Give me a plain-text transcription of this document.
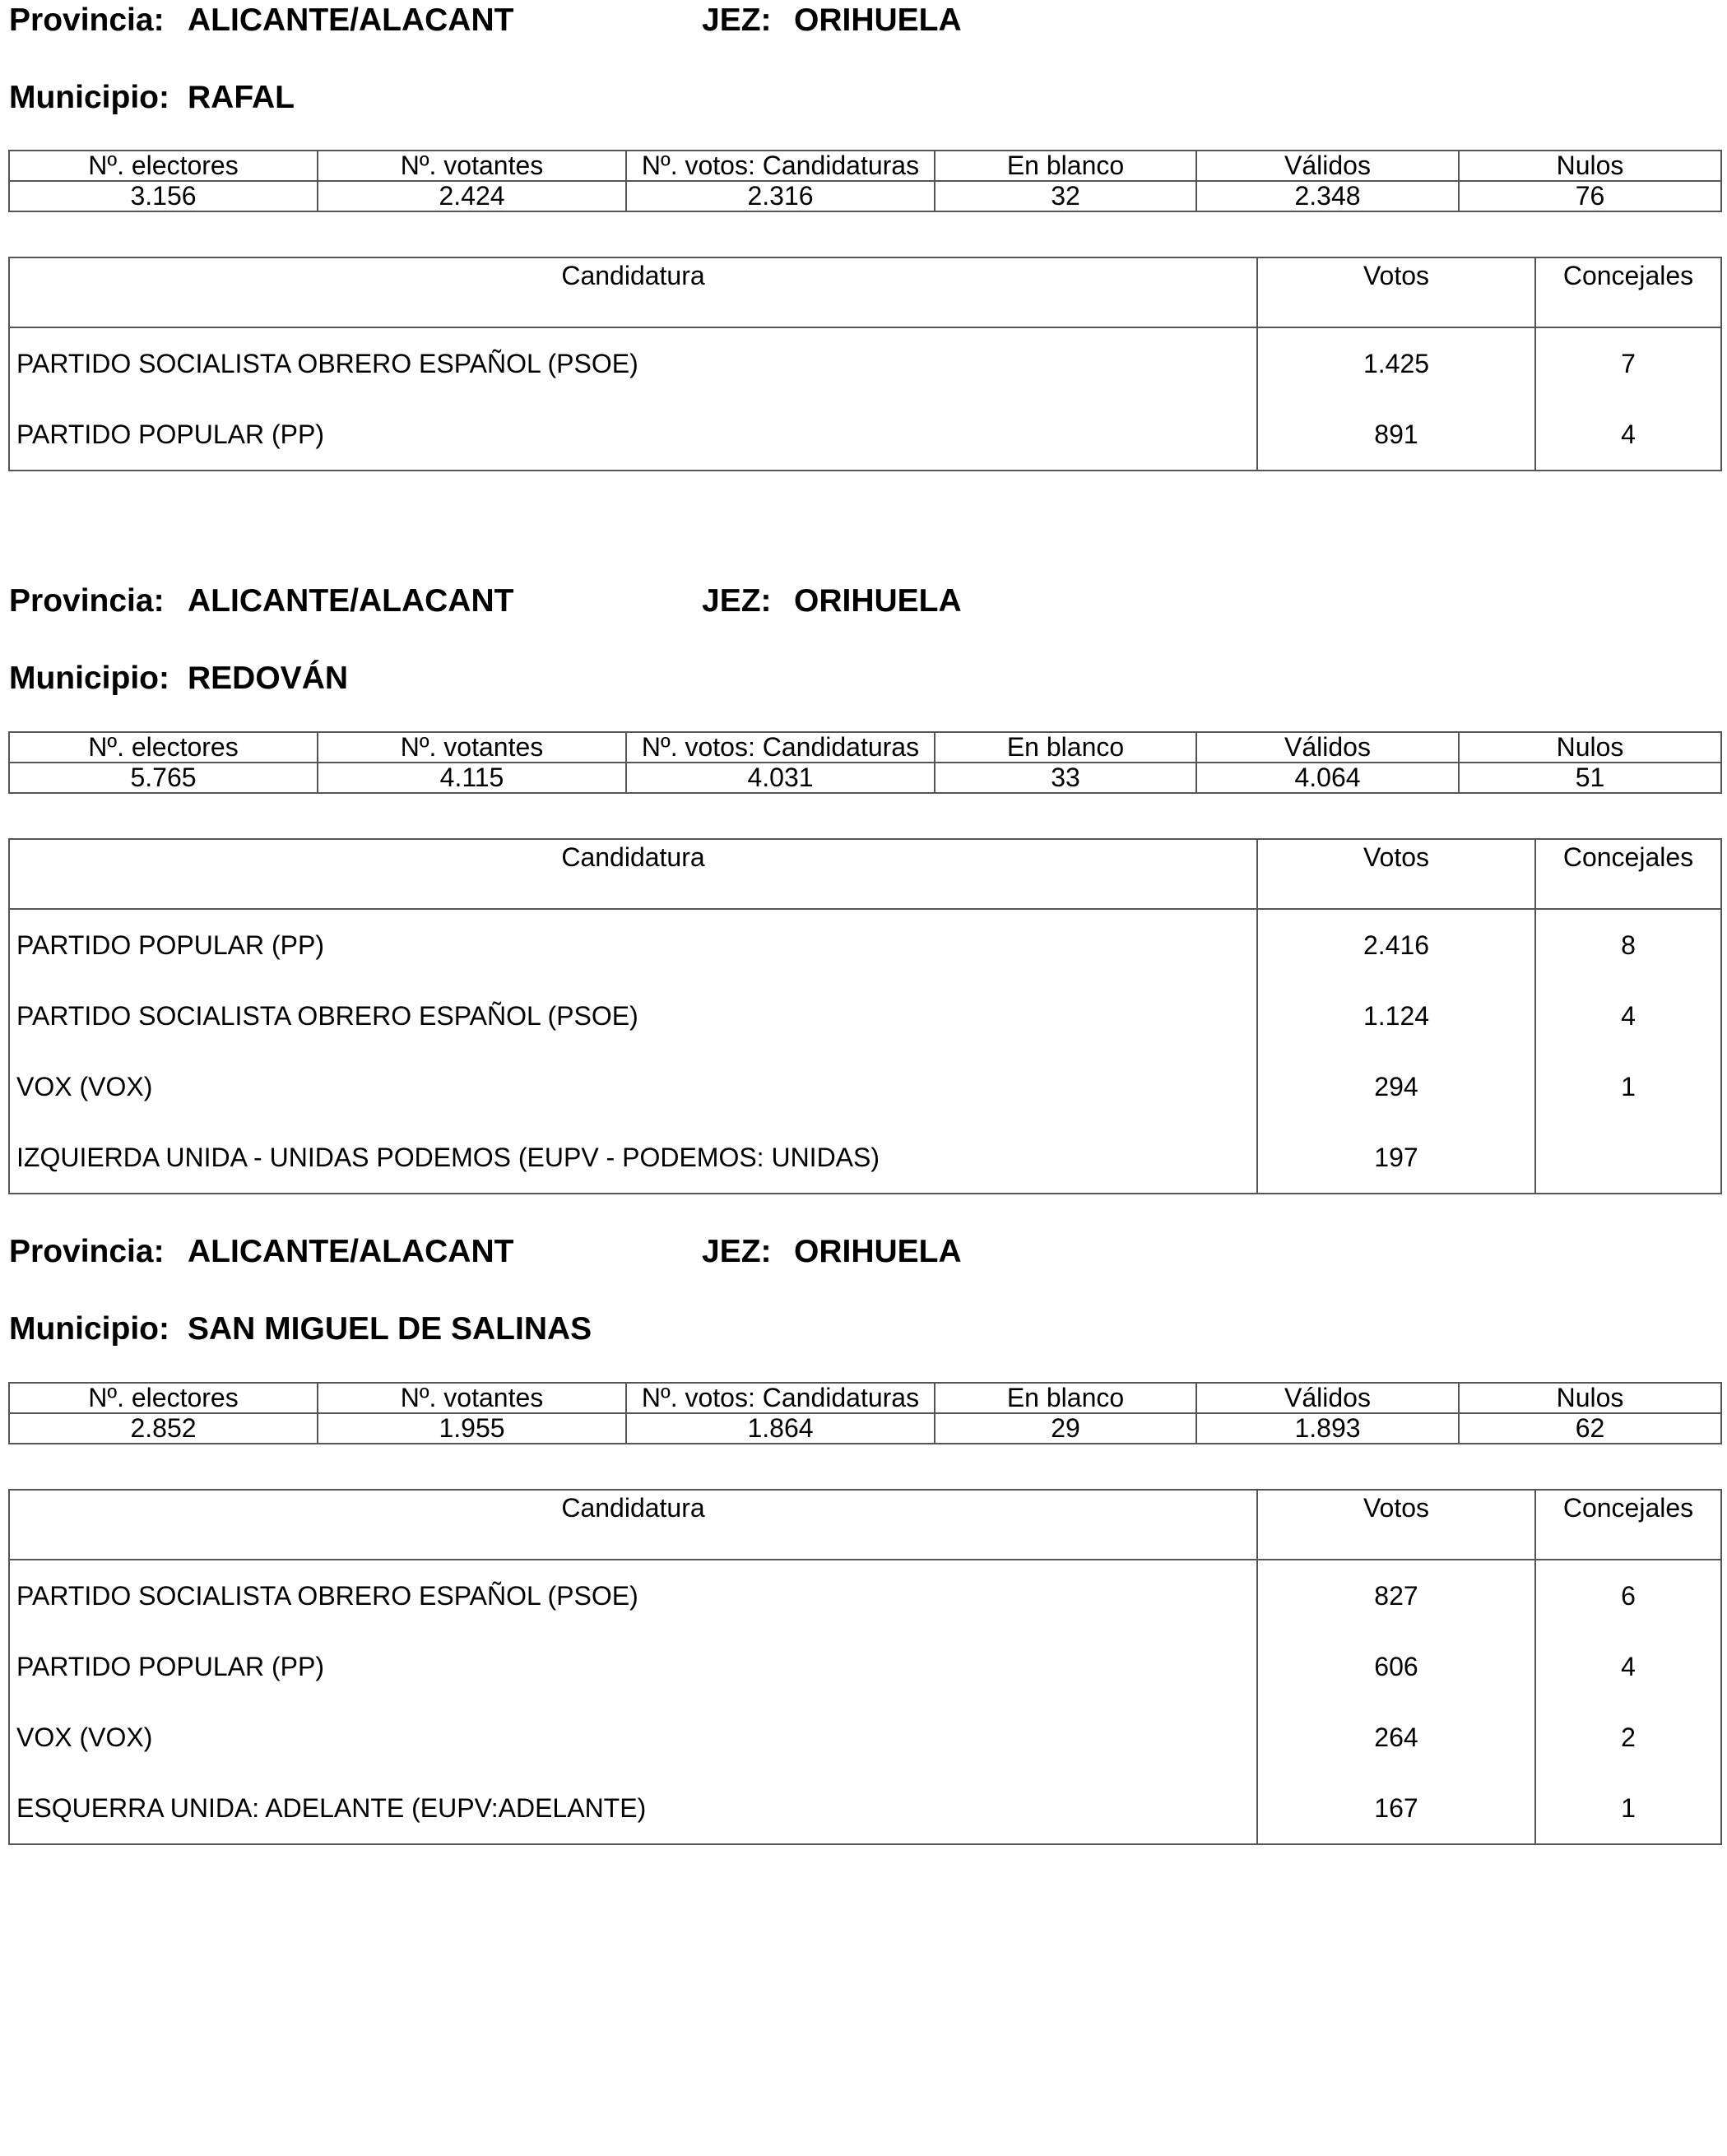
Provincia: ALICANTE/ALACANT	JEZ: ORIHUELA
Municipio: RAFAL
Nº. electores	Nº. votantes	Nº. votos: Candidaturas	En blanco	Válidos	Nulos
3.156	2.424	2.316	32	2.348	76
Candidatura	Votos	Concejales
PARTIDO SOCIALISTA OBRERO ESPAÑOL (PSOE)	1.425	7
PARTIDO POPULAR (PP)	891	4
Provincia: ALICANTE/ALACANT	JEZ: ORIHUELA
Municipio: REDOVÁN
Nº. electores	Nº. votantes	Nº. votos: Candidaturas	En blanco	Válidos	Nulos
5.765	4.115	4.031	33	4.064	51
Candidatura	Votos	Concejales
PARTIDO POPULAR (PP)	2.416	8
PARTIDO SOCIALISTA OBRERO ESPAÑOL (PSOE)	1.124	4
VOX (VOX)	294	1
IZQUIERDA UNIDA - UNIDAS PODEMOS (EUPV - PODEMOS: UNIDAS)	197	
Provincia: ALICANTE/ALACANT	JEZ: ORIHUELA
Municipio: SAN MIGUEL DE SALINAS
Nº. electores	Nº. votantes	Nº. votos: Candidaturas	En blanco	Válidos	Nulos
2.852	1.955	1.864	29	1.893	62
Candidatura	Votos	Concejales
PARTIDO SOCIALISTA OBRERO ESPAÑOL (PSOE)	827	6
PARTIDO POPULAR (PP)	606	4
VOX (VOX)	264	2
ESQUERRA UNIDA: ADELANTE (EUPV:ADELANTE)	167	1
